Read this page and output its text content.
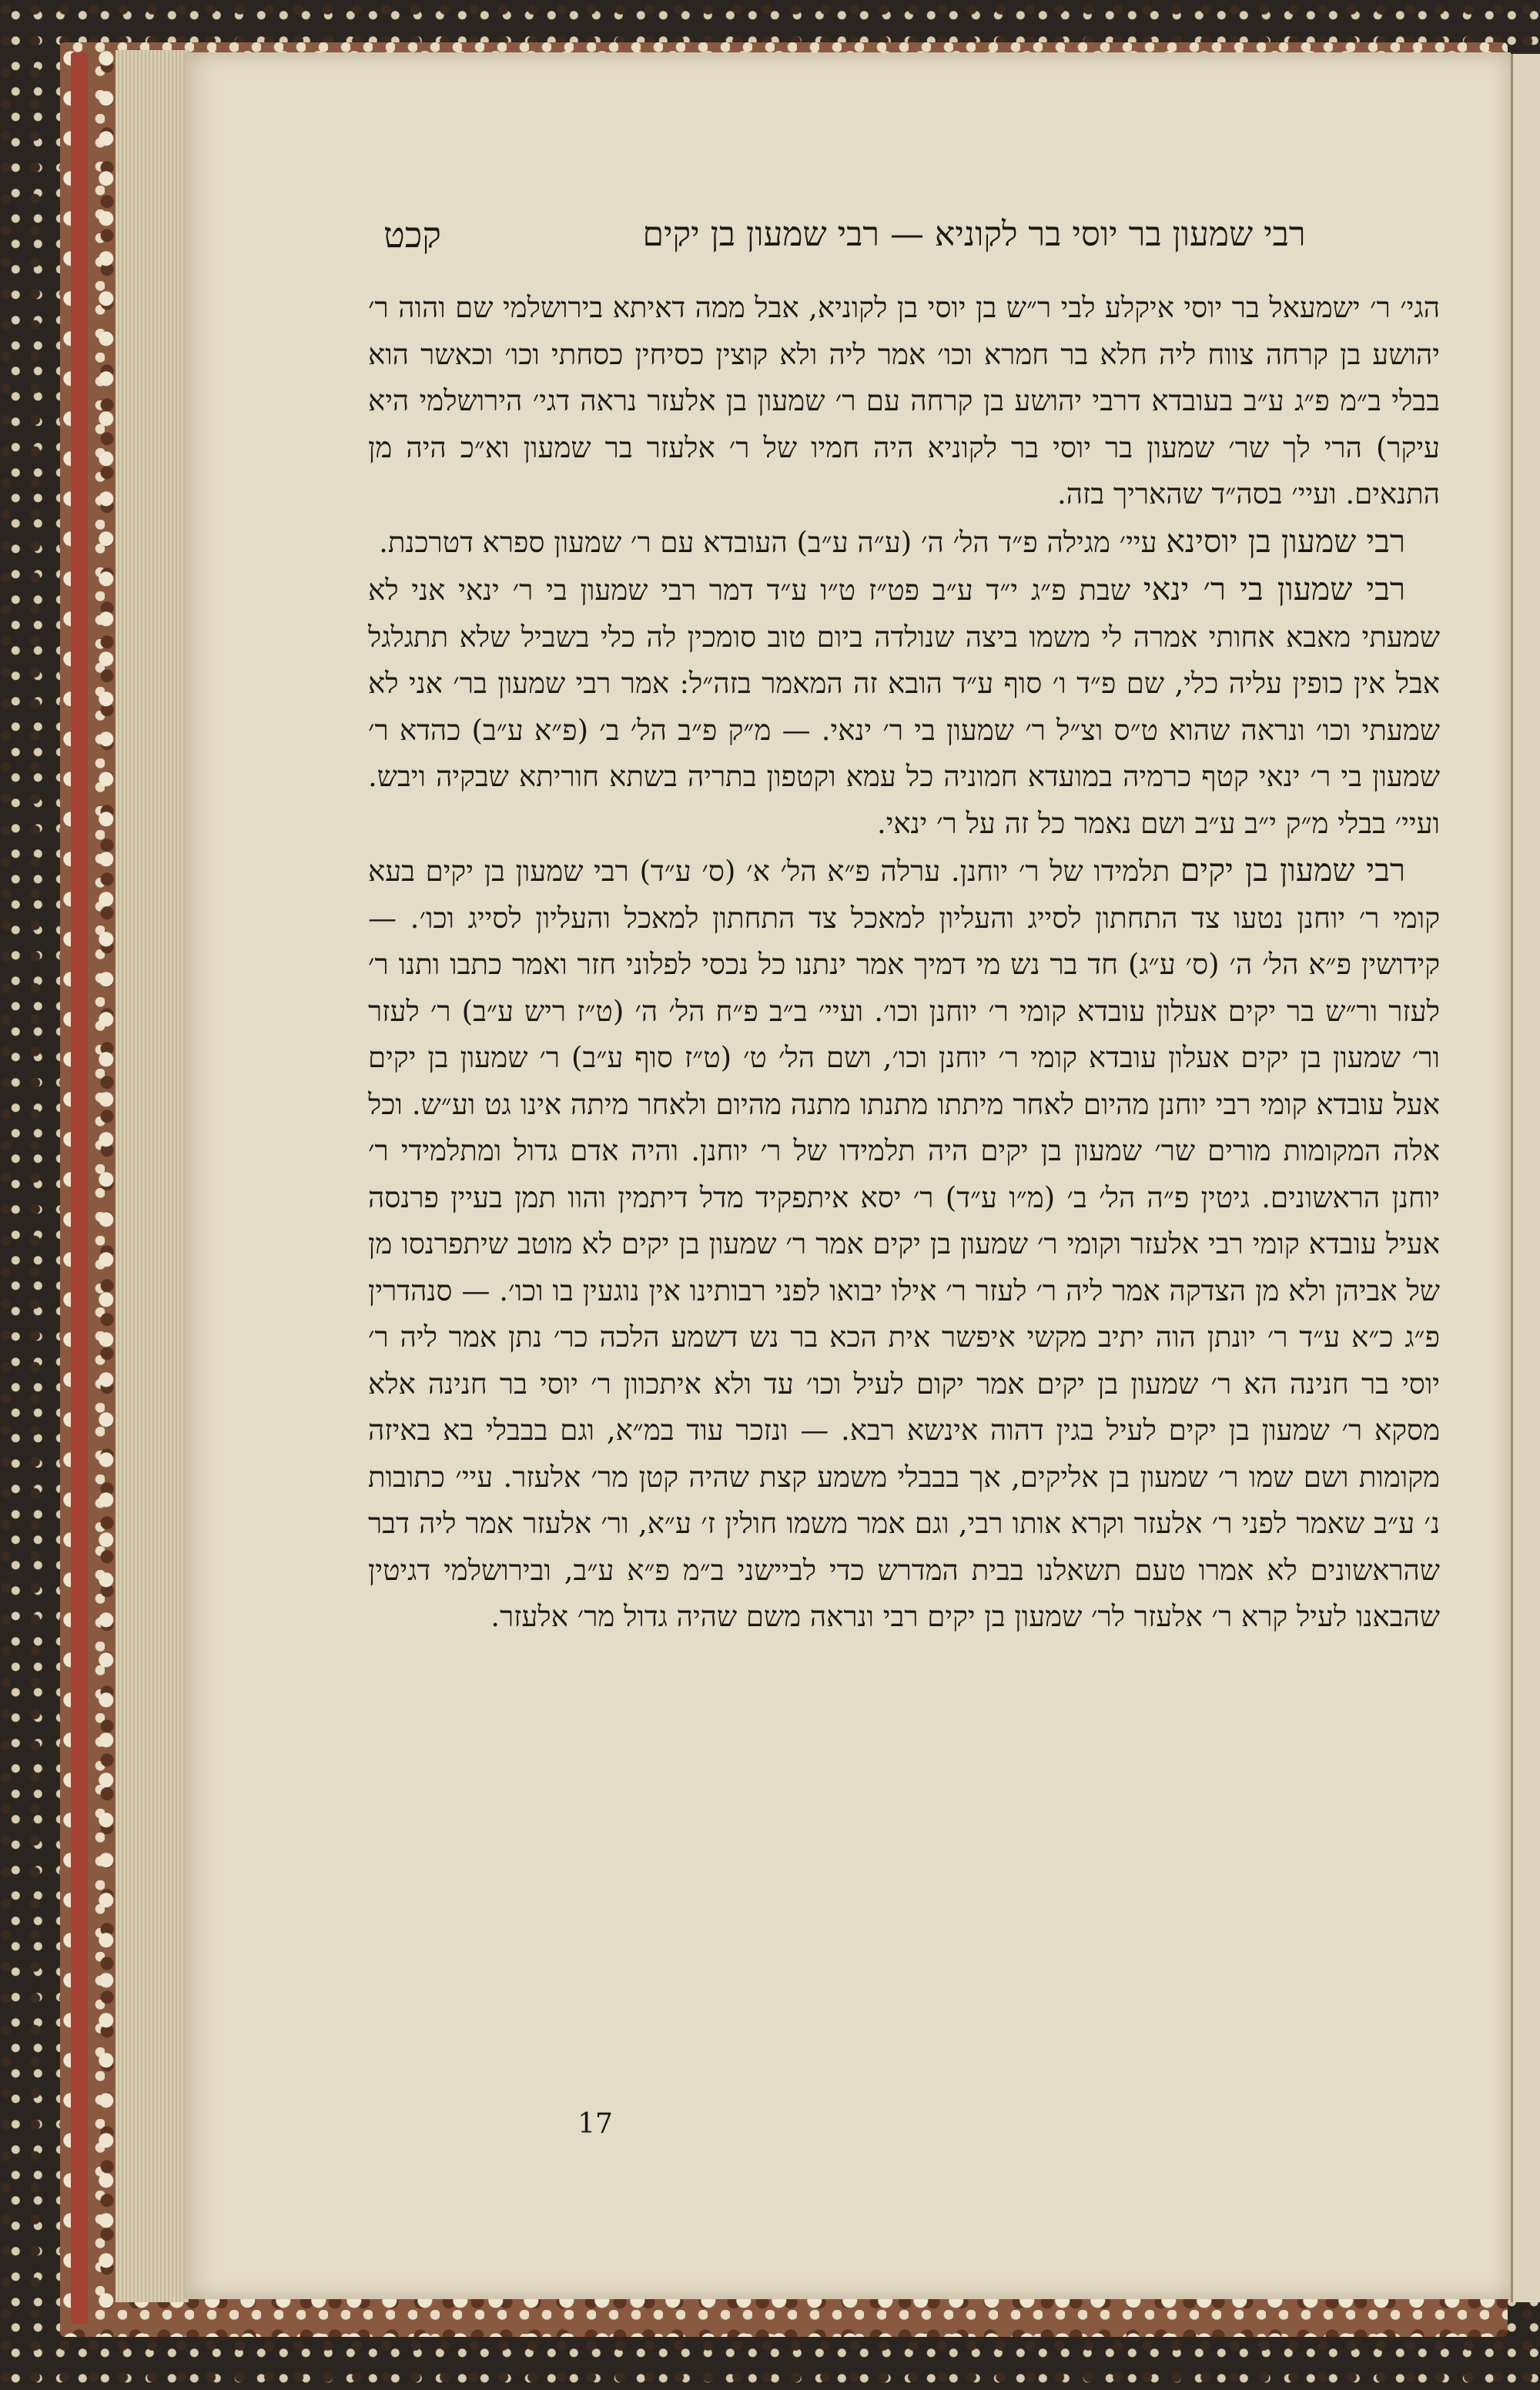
רבי שמעון בר יוסי בר לקוניא — רבי שמעון בן יקים
קכט

הגי׳ ר׳ ישמעאל בר יוסי איקלע לבי ר״ש בן יוסי בן לקוניא, אבל ממה דאיתא בירושלמי שם והוה ר׳ יהושע בן קרחה צווח ליה חלא בר חמרא וכו׳ אמר ליה ולא קוצין כסיחין כסחתי וכו׳ וכאשר הוא בבלי ב״מ פ״ג ע״ב בעובדא דרבי יהושע בן קרחה עם ר׳ שמעון בן אלעזר נראה דגי׳ הירושלמי היא עיקר) הרי לך שר׳ שמעון בר יוסי בר לקוניא היה חמיו של ר׳ אלעזר בר שמעון וא״כ היה מן התנאים. ועיי׳ בסה״ד שהאריך בזה.

רבי שמעון בן יוסינא עיי׳ מגילה פ״ד הל׳ ה׳ (ע״ה ע״ב) העובדא עם ר׳ שמעון ספרא דטרכנת.

רבי שמעון בי ר׳ ינאי שבת פ״ג י״ד ע״ב פט״ז ט״ו ע״ד דמר רבי שמעון בי ר׳ ינאי אני לא שמעתי מאבא אחותי אמרה לי משמו ביצה שנולדה ביום טוב סומכין לה כלי בשביל שלא תתגלגל אבל אין כופין עליה כלי, שם פ״ד ו׳ סוף ע״ד הובא זה המאמר בזה״ל: אמר רבי שמעון בר׳ אני לא שמעתי וכו׳ ונראה שהוא ט״ס וצ״ל ר׳ שמעון בי ר׳ ינאי. — מ״ק פ״ב הל׳ ב׳ (פ״א ע״ב) כהדא ר׳ שמעון בי ר׳ ינאי קטף כרמיה במועדא חמוניה כל עמא וקטפון בתריה בשתא חוריתא שבקיה ויבש. ועיי׳ בבלי מ״ק י״ב ע״ב ושם נאמר כל זה על ר׳ ינאי.

רבי שמעון בן יקים תלמידו של ר׳ יוחנן. ערלה פ״א הל׳ א׳ (ס׳ ע״ד) רבי שמעון בן יקים בעא קומי ר׳ יוחנן נטעו צד התחתון לסייג והעליון למאכל צד התחתון למאכל והעליון לסייג וכו׳. — קידושין פ״א הל׳ ה׳ (ס׳ ע״ג) חד בר נש מי דמיך אמר ינתנו כל נכסי לפלוני חזר ואמר כתבו ותנו ר׳ לעזר ור״ש בר יקים אעלון עובדא קומי ר׳ יוחנן וכו׳. ועיי׳ ב״ב פ״ח הל׳ ה׳ (ט״ז ריש ע״ב) ר׳ לעזר ור׳ שמעון בן יקים אעלון עובדא קומי ר׳ יוחנן וכו׳, ושם הל׳ ט׳ (ט״ז סוף ע״ב) ר׳ שמעון בן יקים אעל עובדא קומי רבי יוחנן מהיום לאחר מיתתו מתנתו מתנה מהיום ולאחר מיתה אינו גט וע״ש. וכל אלה המקומות מורים שר׳ שמעון בן יקים היה תלמידו של ר׳ יוחנן. והיה אדם גדול ומתלמידי ר׳ יוחנן הראשונים. גיטין פ״ה הל׳ ב׳ (מ״ו ע״ד) ר׳ יסא איתפקיד מדל דיתמין והוו תמן בעיין פרנסה אעיל עובדא קומי רבי אלעזר וקומי ר׳ שמעון בן יקים אמר ר׳ שמעון בן יקים לא מוטב שיתפרנסו מן של אביהן ולא מן הצדקה אמר ליה ר׳ לעזר ר׳ אילו יבואו לפני רבותינו אין נוגעין בו וכו׳. — סנהדרין פ״ג כ״א ע״ד ר׳ יונתן הוה יתיב מקשי איפשר אית הכא בר נש דשמע הלכה כר׳ נתן אמר ליה ר׳ יוסי בר חנינה הא ר׳ שמעון בן יקים אמר יקום לעיל וכו׳ עד ולא איתכוון ר׳ יוסי בר חנינה אלא מסקא ר׳ שמעון בן יקים לעיל בגין דהוה אינשא רבא. — ונזכר עוד במ״א, וגם בבבלי בא באיזה מקומות ושם שמו ר׳ שמעון בן אליקים, אך בבבלי משמע קצת שהיה קטן מר׳ אלעזר. עיי׳ כתובות נ׳ ע״ב שאמר לפני ר׳ אלעזר וקרא אותו רבי, וגם אמר משמו חולין ז׳ ע״א, ור׳ אלעזר אמר ליה דבר שהראשונים לא אמרו טעם תשאלנו בבית המדרש כדי לביישני ב״מ פ״א ע״ב, ובירושלמי דגיטין שהבאנו לעיל קרא ר׳ אלעזר לר׳ שמעון בן יקים רבי ונראה משם שהיה גדול מר׳ אלעזר.

17
